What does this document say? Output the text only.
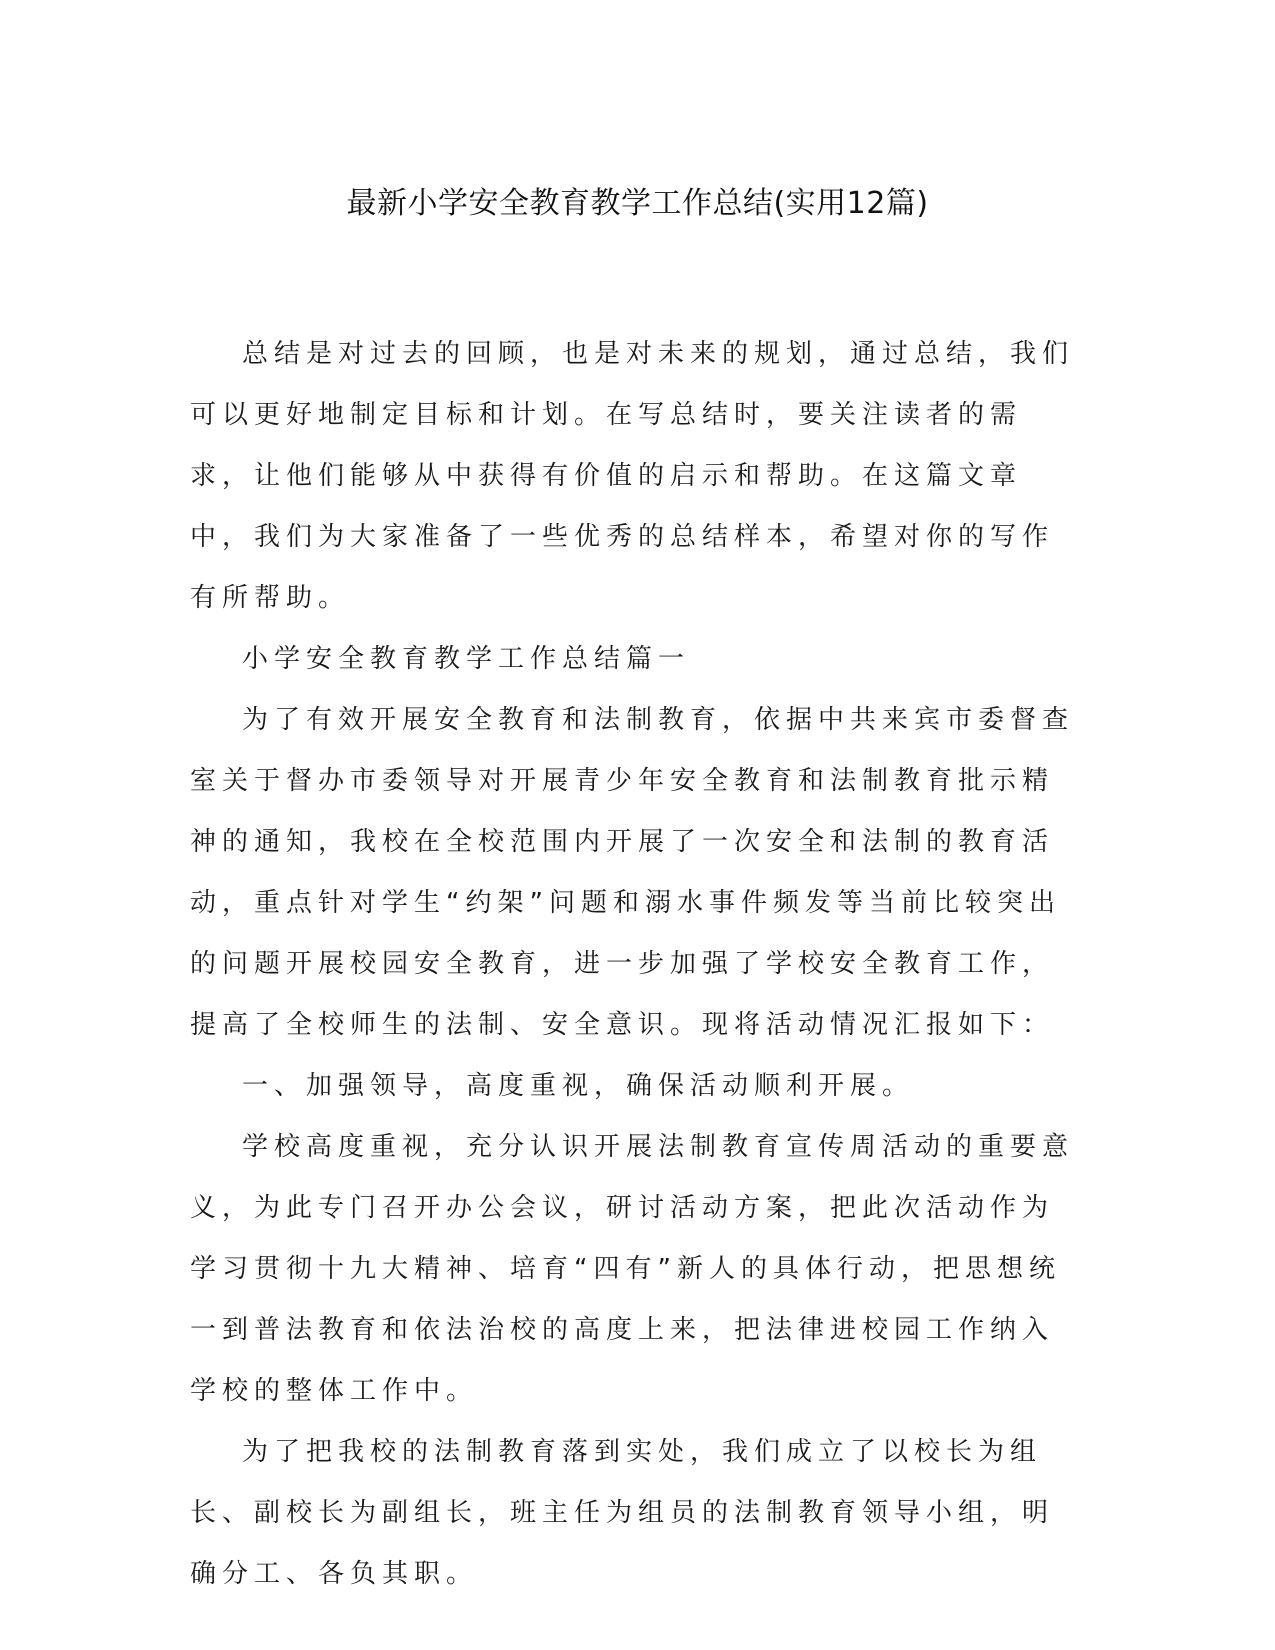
最新小学安全教育教学工作总结(实用12篇)

总结是对过去的回顾，也是对未来的规划，通过总结，我们可以更好地制定目标和计划。在写总结时，要关注读者的需求，让他们能够从中获得有价值的启示和帮助。在这篇文章中，我们为大家准备了一些优秀的总结样本，希望对你的写作有所帮助。

小学安全教育教学工作总结篇一

为了有效开展安全教育和法制教育，依据中共来宾市委督查室关于督办市委领导对开展青少年安全教育和法制教育批示精神的通知，我校在全校范围内开展了一次安全和法制的教育活动，重点针对学生“约架”问题和溺水事件频发等当前比较突出的问题开展校园安全教育，进一步加强了学校安全教育工作，提高了全校师生的法制、安全意识。现将活动情况汇报如下：

一、加强领导，高度重视，确保活动顺利开展。

学校高度重视，充分认识开展法制教育宣传周活动的重要意义，为此专门召开办公会议，研讨活动方案，把此次活动作为学习贯彻十九大精神、培育“四有”新人的具体行动，把思想统一到普法教育和依法治校的高度上来，把法律进校园工作纳入学校的整体工作中。

为了把我校的法制教育落到实处，我们成立了以校长为组长、副校长为副组长，班主任为组员的法制教育领导小组，明确分工、各负其职。
